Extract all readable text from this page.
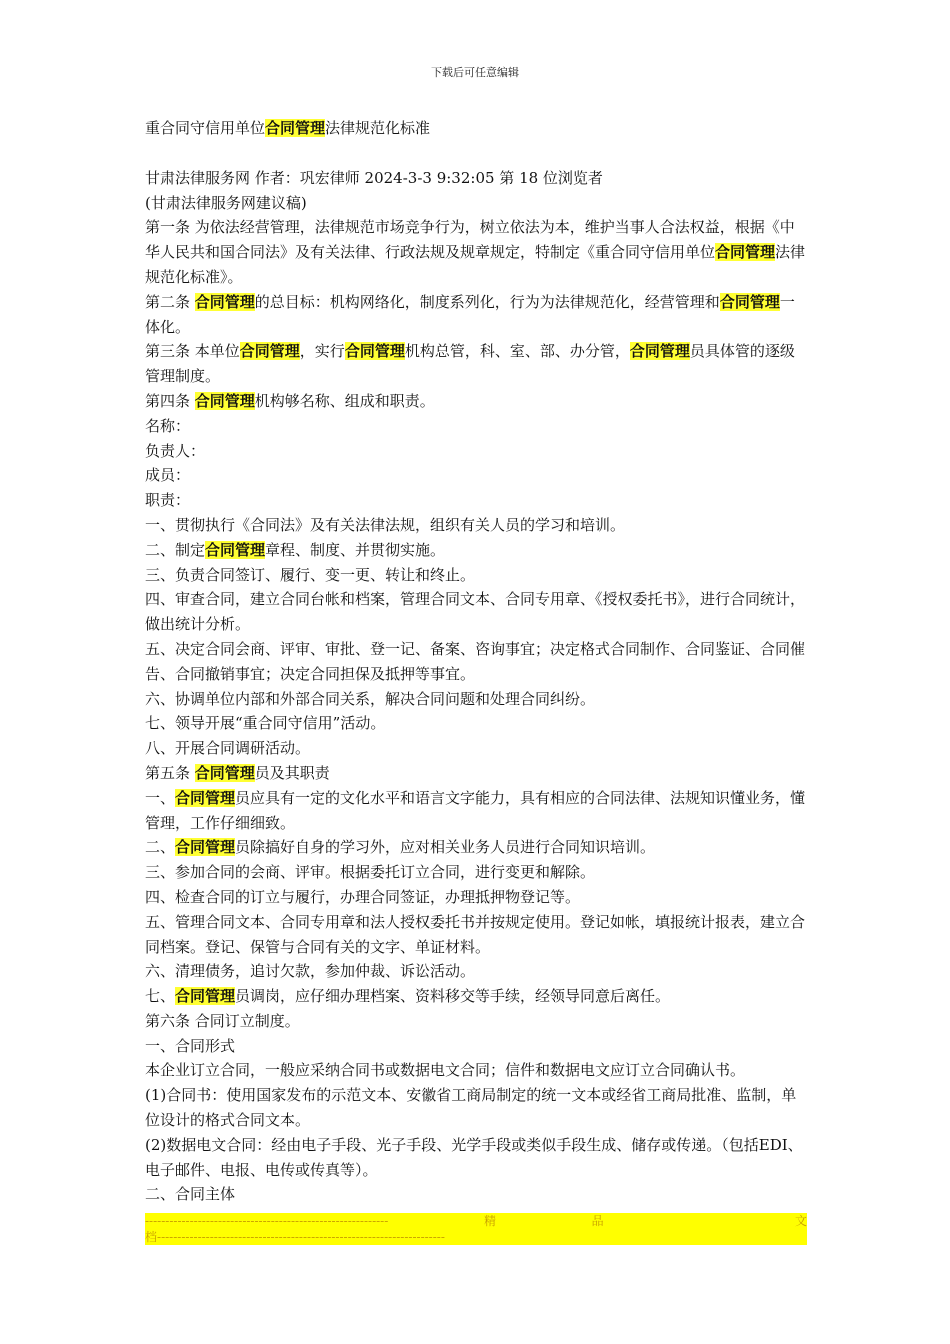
下载后可任意编辑

重合同守信用单位合同管理法律规范化标准

甘肃法律服务网 作者：巩宏律师 2024-3-3 9:32:05 第 18 位浏览者

(甘肃法律服务网建议稿)

第一条 为依法经营管理，法律规范市场竞争行为，树立依法为本，维护当事人合法权益，根据《中华人民共和国合同法》及有关法律、行政法规及规章规定，特制定《重合同守信用单位合同管理法律规范化标准》。

第二条 合同管理的总目标：机构网络化，制度系列化，行为为法律规范化，经营管理和合同管理一体化。

第三条 本单位合同管理，实行合同管理机构总管，科、室、部、办分管，合同管理员具体管的逐级管理制度。

第四条 合同管理机构够名称、组成和职责。

名称：

负责人：

成员：

职责：

一、贯彻执行《合同法》及有关法律法规，组织有关人员的学习和培训。

二、制定合同管理章程、制度、并贯彻实施。

三、负责合同签订、履行、变一更、转让和终止。

四、审查合同，建立合同台帐和档案，管理合同文本、合同专用章、《授权委托书》，进行合同统计，做出统计分析。

五、决定合同会商、评审、审批、登一记、备案、咨询事宜；决定格式合同制作、合同鉴证、合同催告、合同撤销事宜；决定合同担保及抵押等事宜。

六、协调单位内部和外部合同关系，解决合同问题和处理合同纠纷。

七、领导开展“重合同守信用”活动。

八、开展合同调研活动。

第五条 合同管理员及其职责

一、合同管理员应具有一定的文化水平和语言文字能力，具有相应的合同法律、法规知识懂业务，懂管理，工作仔细细致。

二、合同管理员除搞好自身的学习外，应对相关业务人员进行合同知识培训。

三、参加合同的会商、评审。根据委托订立合同，进行变更和解除。

四、检查合同的订立与履行，办理合同签证，办理抵押物登记等。

五、管理合同文本、合同专用章和法人授权委托书并按规定使用。登记如帐，填报统计报表，建立合同档案。登记、保管与合同有关的文字、单证材料。

六、清理债务，追讨欠款，参加仲裁、诉讼活动。

七、合同管理员调岗，应仔细办理档案、资料移交等手续，经领导同意后离任。

第六条 合同订立制度。

一、合同形式

本企业订立合同，一般应采纳合同书或数据电文合同；信件和数据电文应订立合同确认书。

(1)合同书：使用国家发布的示范文本、安徽省工商局制定的统一文本或经省工商局批准、监制，单位设计的格式合同文本。

(2)数据电文合同：经由电子手段、光子手段、光学手段或类似手段生成、储存或传递。（包括EDI、电子邮件、电报、电传或传真等）。

二、合同主体

------------------------------------------------------------	精	品	文
档-----------------------------------------------------------------------
